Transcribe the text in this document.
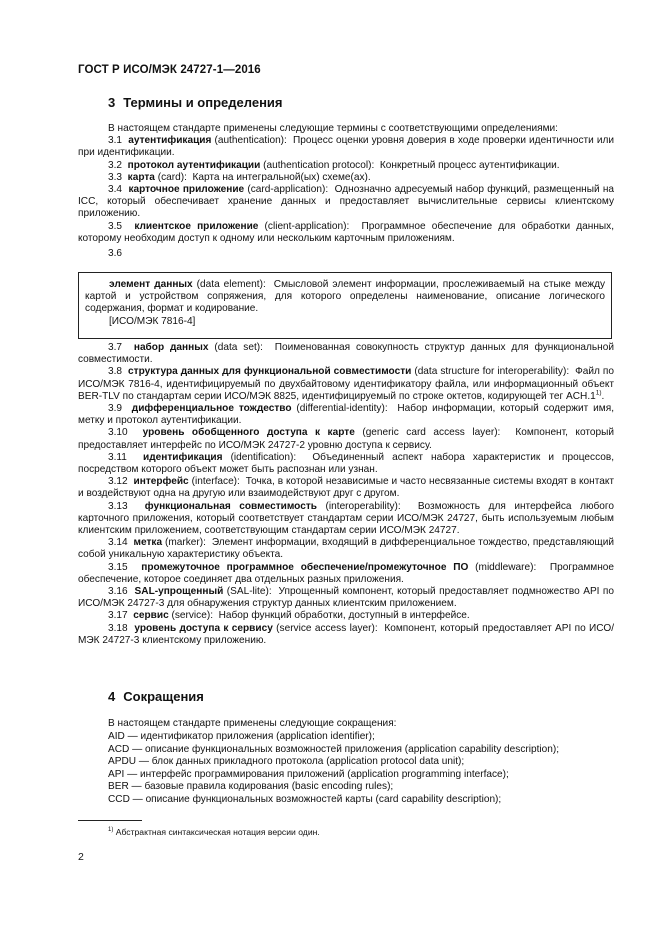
ГОСТ Р ИСО/МЭК 24727-1—2016
3 Термины и определения

В настоящем стандарте применены следующие термины с соответствующими определениями:

3.1 аутентификация (authentication): Процесс оценки уровня доверия в ходе проверки идентичности или при идентификации.

3.2 протокол аутентификации (authentication protocol): Конкретный процесс аутентификации.

3.3 карта (card): Карта на интегральной(ых) схеме(ах).

3.4 карточное приложение (card-application): Однозначно адресуемый набор функций, размещенный на ICC, который обеспечивает хранение данных и предоставляет вычислительные сервисы клиентскому приложению.

3.5 клиентское приложение (client-application): Программное обеспечение для обработки данных, которому необходим доступ к одному или нескольким карточным приложениям.

3.6

элемент данных (data element): Смысловой элемент информации, прослеживаемый на стыке между картой и устройством сопряжения, для которого определены наименование, описание логического содержания, формат и кодирование.

[ИСО/МЭК 7816-4]

3.7 набор данных (data set): Поименованная совокупность структур данных для функциональной совместимости.

3.8 структура данных для функциональной совместимости (data structure for interoperability): Файл по ИСО/МЭК 7816-4, идентифицируемый по двухбайтовому идентификатору файла, или информационный объект BER-TLV по стандартам серии ИСО/МЭК 8825, идентифицируемый по строке октетов, кодирующей тег ACH.1$^{1)}$.

3.9 дифференциальное тождество (differential-identity): Набор информации, который содержит имя, метку и протокол аутентификации.

3.10 уровень обобщенного доступа к карте (generic card access layer): Компонент, который предоставляет интерфейс по ИСО/МЭК 24727-2 уровню доступа к сервису.

3.11 идентификация (identification): Объединенный аспект набора характеристик и процессов, посредством которого объект может быть распознан или узнан.

3.12 интерфейс (interface): Точка, в которой независимые и часто несвязанные системы входят в контакт и воздействуют одна на другую или взаимодействуют друг с другом.

3.13 функциональная совместимость (interoperability): Возможность для интерфейса любого карточного приложения, который соответствует стандартам серии ИСО/МЭК 24727, быть используемым любым клиентским приложением, соответствующим стандартам серии ИСО/МЭК 24727.

3.14 метка (marker): Элемент информации, входящий в дифференциальное тождество, представляющий собой уникальную характеристику объекта.

3.15 промежуточное программное обеспечение/промежуточное ПО (middleware): Программное обеспечение, которое соединяет два отдельных разных приложения.

3.16 SAL-упрощенный (SAL-lite): Упрощенный компонент, который предоставляет подмножество API по ИСО/МЭК 24727-3 для обнаружения структур данных клиентским приложением.

3.17 сервис (service): Набор функций обработки, доступный в интерфейсе.

3.18 уровень доступа к сервису (service access layer): Компонент, который предоставляет API по ИСО/МЭК 24727-3 клиентскому приложению.

4 Сокращения
В настоящем стандарте применены следующие сокращения:
AID — идентификатор приложения (application identifier);
ACD — описание функциональных возможностей приложения (application capability description);
APDU — блок данных прикладного протокола (application protocol data unit);
API — интерфейс программирования приложений (application programming interface);
BER — базовые правила кодирования (basic encoding rules);
CCD — описание функциональных возможностей карты (card capability description);
$^{1)}$ Абстрактная синтаксическая нотация версии один.
2
